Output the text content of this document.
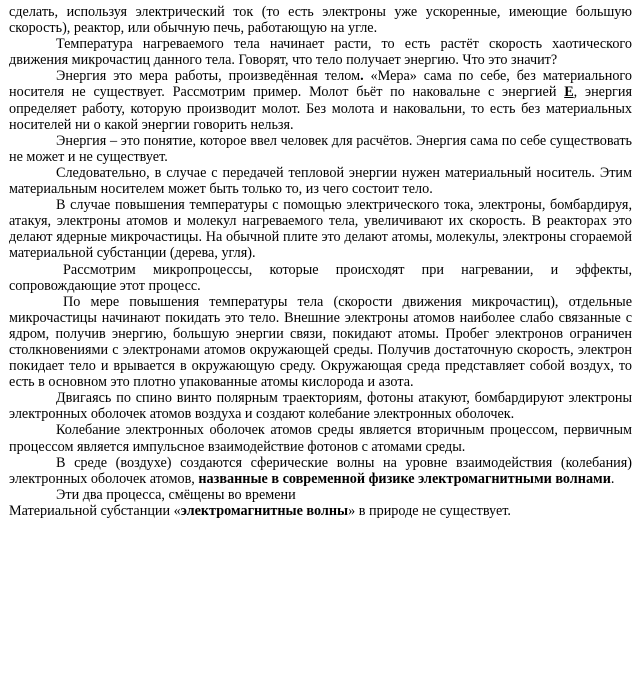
сделать, используя электрический ток (то есть электроны уже ускоренные, имеющие большую скорость), реактор, или обычную печь, работающую на угле.

Температура нагреваемого тела начинает расти, то есть растёт скорость хаотического движения микрочастиц данного тела. Говорят, что тело получает энергию. Что это значит?

Энергия это мера работы, произведённая телом. «Мера» сама по себе, без материального носителя не существует. Рассмотрим пример. Молот бьёт по наковальне с энергией Е, энергия определяет работу, которую производит молот. Без молота и наковальни, то есть без материальных носителей ни о какой энергии говорить нельзя.

Энергия – это понятие, которое ввел человек для расчётов. Энергия сама по себе существовать не может и не существует.

Следовательно, в случае с передачей тепловой энергии нужен материальный носитель. Этим материальным носителем может быть только то, из чего состоит тело.

В случае повышения температуры с помощью электрического тока, электроны, бомбардируя, атакуя, электроны атомов и молекул нагреваемого тела, увеличивают их скорость. В реакторах это делают ядерные микрочастицы. На обычной плите это делают атомы, молекулы, электроны сгораемой материальной субстанции (дерева, угля).

Рассмотрим микропроцессы, которые происходят при нагревании, и эффекты, сопровождающие этот процесс.

По мере повышения температуры тела (скорости движения микрочастиц), отдельные микрочастицы начинают покидать это тело. Внешние электроны атомов наиболее слабо связанные с ядром, получив энергию, большую энергии связи, покидают атомы. Пробег электронов ограничен столкновениями с электронами атомов окружающей среды. Получив достаточную скорость, электрон покидает тело и врывается в окружающую среду. Окружающая среда представляет собой воздух, то есть в основном это плотно упакованные атомы кислорода и азота.

Двигаясь по спино винто полярным траекториям, фотоны атакуют, бомбардируют электроны электронных оболочек атомов воздуха и создают колебание электронных оболочек.

Колебание электронных оболочек атомов среды является вторичным процессом, первичным процессом является импульсное взаимодействие фотонов с атомами среды.

В среде (воздухе) создаются сферические волны на уровне взаимодействия (колебания) электронных оболочек атомов, названные в современной физике электромагнитными волнами.

Эти два процесса, смёщены во времени

Материальной субстанции «электромагнитные волны» в природе не существует.
